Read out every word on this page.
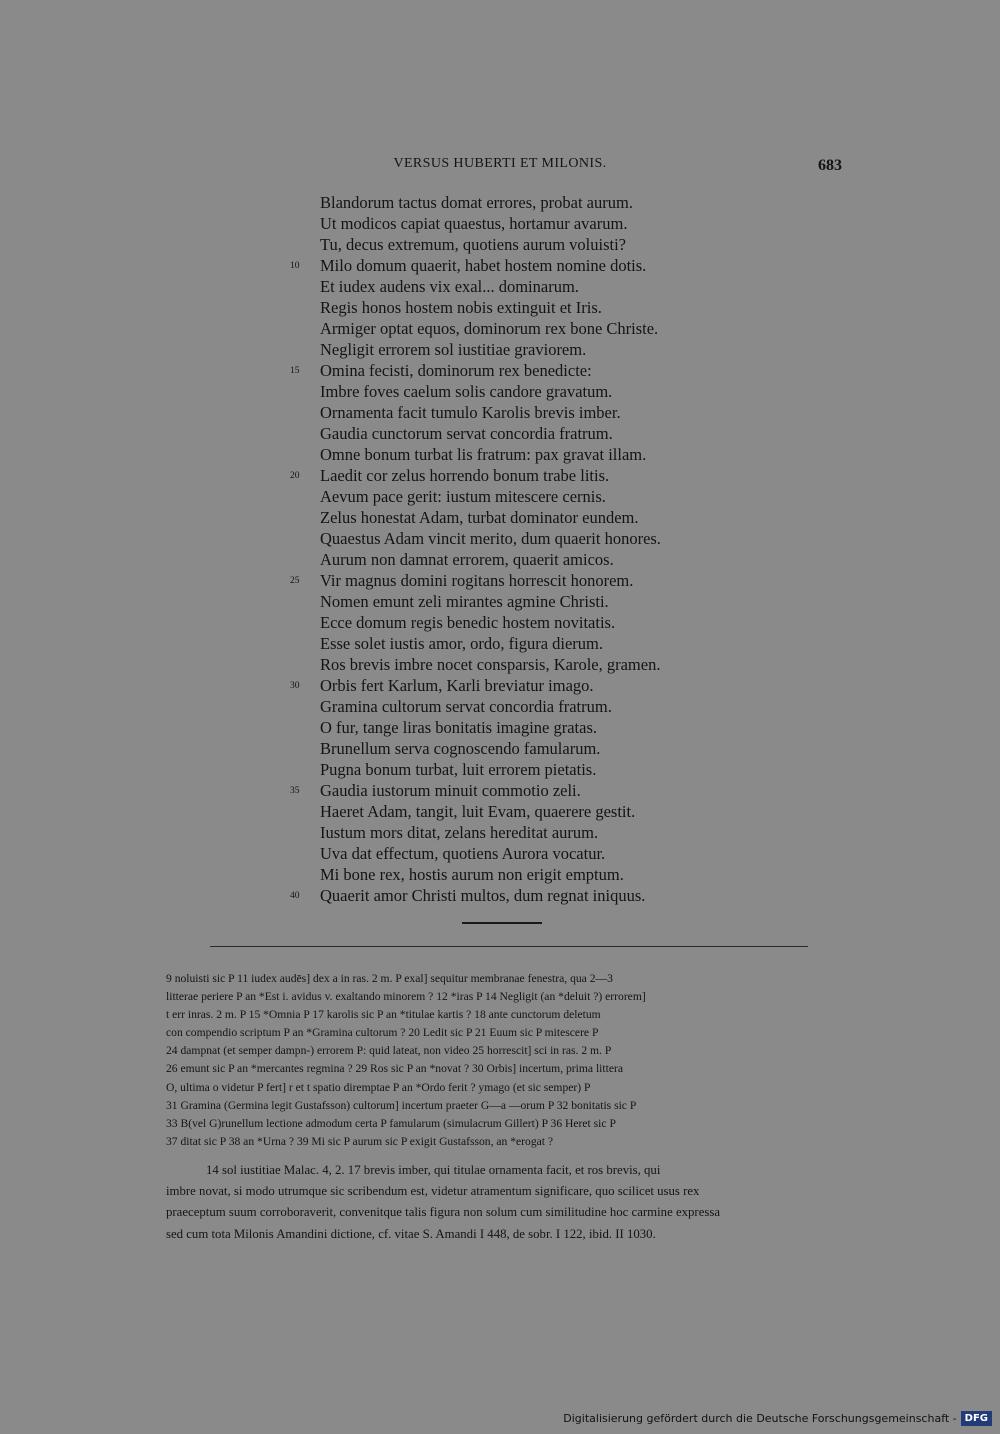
VERSUS HUBERTI ET MILONIS.	683
Blandorum tactus domat errores, probat aurum.
Ut modicos capiat quaestus, hortamur avarum.
Tu, decus extremum, quotiens aurum voluisti?
10 Milo domum quaerit, habet hostem nomine dotis.
Et iudex audens vix exal... dominarum.
Regis honos hostem nobis extinguit et Iris.
Armiger optat equos, dominorum rex bone Christe.
Negligit errorem sol iustitiae graviorem.
15 Omina fecisti, dominorum rex benedicte:
Imbre foves caelum solis candore gravatum.
Ornamenta facit tumulo Karolis brevis imber.
Gaudia cunctorum servat concordia fratrum.
Omne bonum turbat lis fratrum: pax gravat illam.
20 Laedit cor zelus horrendo bonum trabe litis.
Aevum pace gerit: iustum mitescere cernis.
Zelus honestat Adam, turbat dominator eundem.
Quaestus Adam vincit merito, dum quaerit honores.
Aurum non damnat errorem, quaerit amicos.
25 Vir magnus domini rogitans horrescit honorem.
Nomen emunt zeli mirantes agmine Christi.
Ecce domum regis benedic hostem novitatis.
Esse solet iustis amor, ordo, figura dierum.
Ros brevis imbre nocet consparsis, Karole, gramen.
30 Orbis fert Karlum, Karli breviatur imago.
Gramina cultorum servat concordia fratrum.
O fur, tange liras bonitatis imagine gratas.
Brunellum serva cognoscendo famularum.
Pugna bonum turbat, luit errorem pietatis.
35 Gaudia iustorum minuit commotio zeli.
Haeret Adam, tangit, luit Evam, quaerere gestit.
Iustum mors ditat, zelans hereditat aurum.
Uva dat effectum, quotiens Aurora vocatur.
Mi bone rex, hostis aurum non erigit emptum.
40 Quaerit amor Christi multos, dum regnat iniquus.
9 noluisti sic P 11 iudex audēs] dex a in ras. 2 m. P exal] sequitur membranae fenestra, qua 2—3
litterae periere P an *Est i. avidus v. exaltando minorem ? 12 *iras P 14 Negligit (an *deluit ?) errorem]
t err inras. 2 m. P 15 *Omnia P 17 karolis sic P an *titulae kartis ? 18 ante cunctorum deletum
con compendio scriptum P an *Gramina cultorum ? 20 Ledit sic P 21 Euum sic P mitescere P
24 dampnat (et semper dampn-) errorem P: quid lateat, non video 25 horrescit] sci in ras. 2 m. P
26 emunt sic P an *mercantes regmina ? 29 Ros sic P an *novat ? 30 Orbis] incertum, prima littera
O, ultima o videtur P fert] r et t spatio diremptae P an *Ordo ferit ? ymago (et sic semper) P
31 Gramina (Germina legit Gustafsson) cultorum] incertum praeter G—a —orum P 32 bonitatis sic P
33 B(vel G)runellum lectione admodum certa P famularum (simulacrum Gillert) P 36 Heret sic P
37 ditat sic P 38 an *Urna ? 39 Mi sic P aurum sic P exigit Gustafsson, an *erogat ?
14 sol iustitiae Malac. 4, 2. 17 brevis imber, qui titulae ornamenta facit, et ros brevis, qui
imbre novat, si modo utrumque sic scribendum est, videtur atramentum significare, quo scilicet usus rex
praeceptum suum corroboraverit, convenitque talis figura non solum cum similitudine hoc carmine expressa
sed cum tota Milonis Amandini dictione, cf. vitae S. Amandi I 448, de sobr. I 122, ibid. II 1030.
Digitalisierung gefördert durch die Deutsche Forschungsgemeinschaft - DFG
